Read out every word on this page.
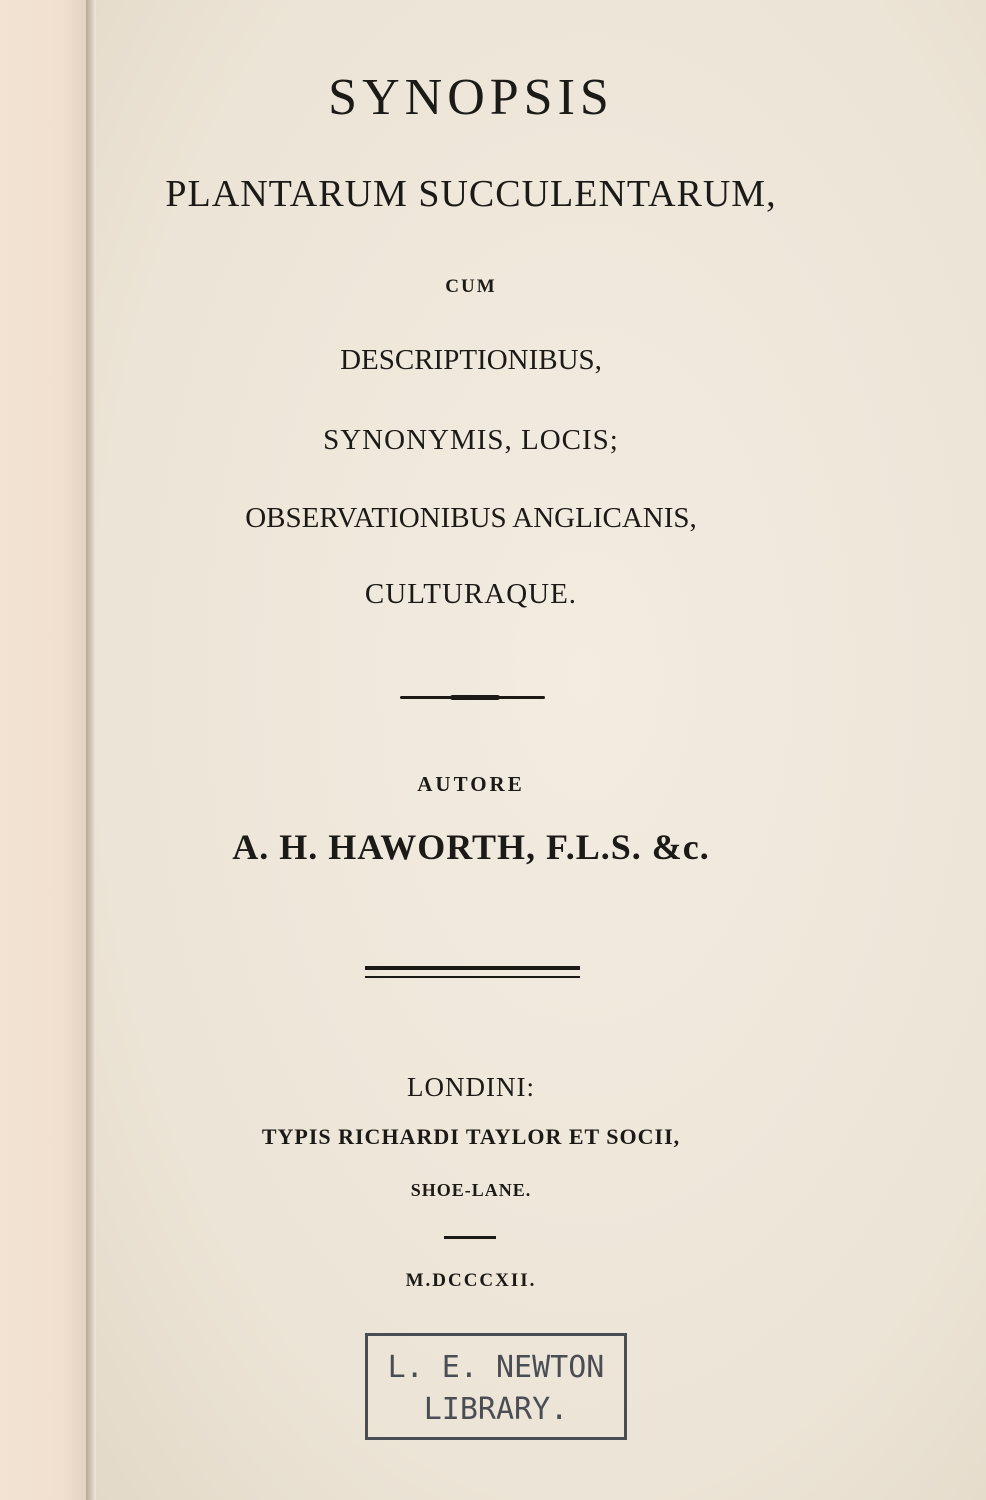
SYNOPSIS
PLANTARUM SUCCULENTARUM,
CUM
DESCRIPTIONIBUS,
SYNONYMIS, LOCIS;
OBSERVATIONIBUS ANGLICANIS,
CULTURAQUE.
AUTORE
A. H. HAWORTH, F.L.S. &c.
LONDINI:
TYPIS RICHARDI TAYLOR ET SOCII,
SHOE-LANE.
M.DCCCXII.
L. E. NEWTON
LIBRARY.
